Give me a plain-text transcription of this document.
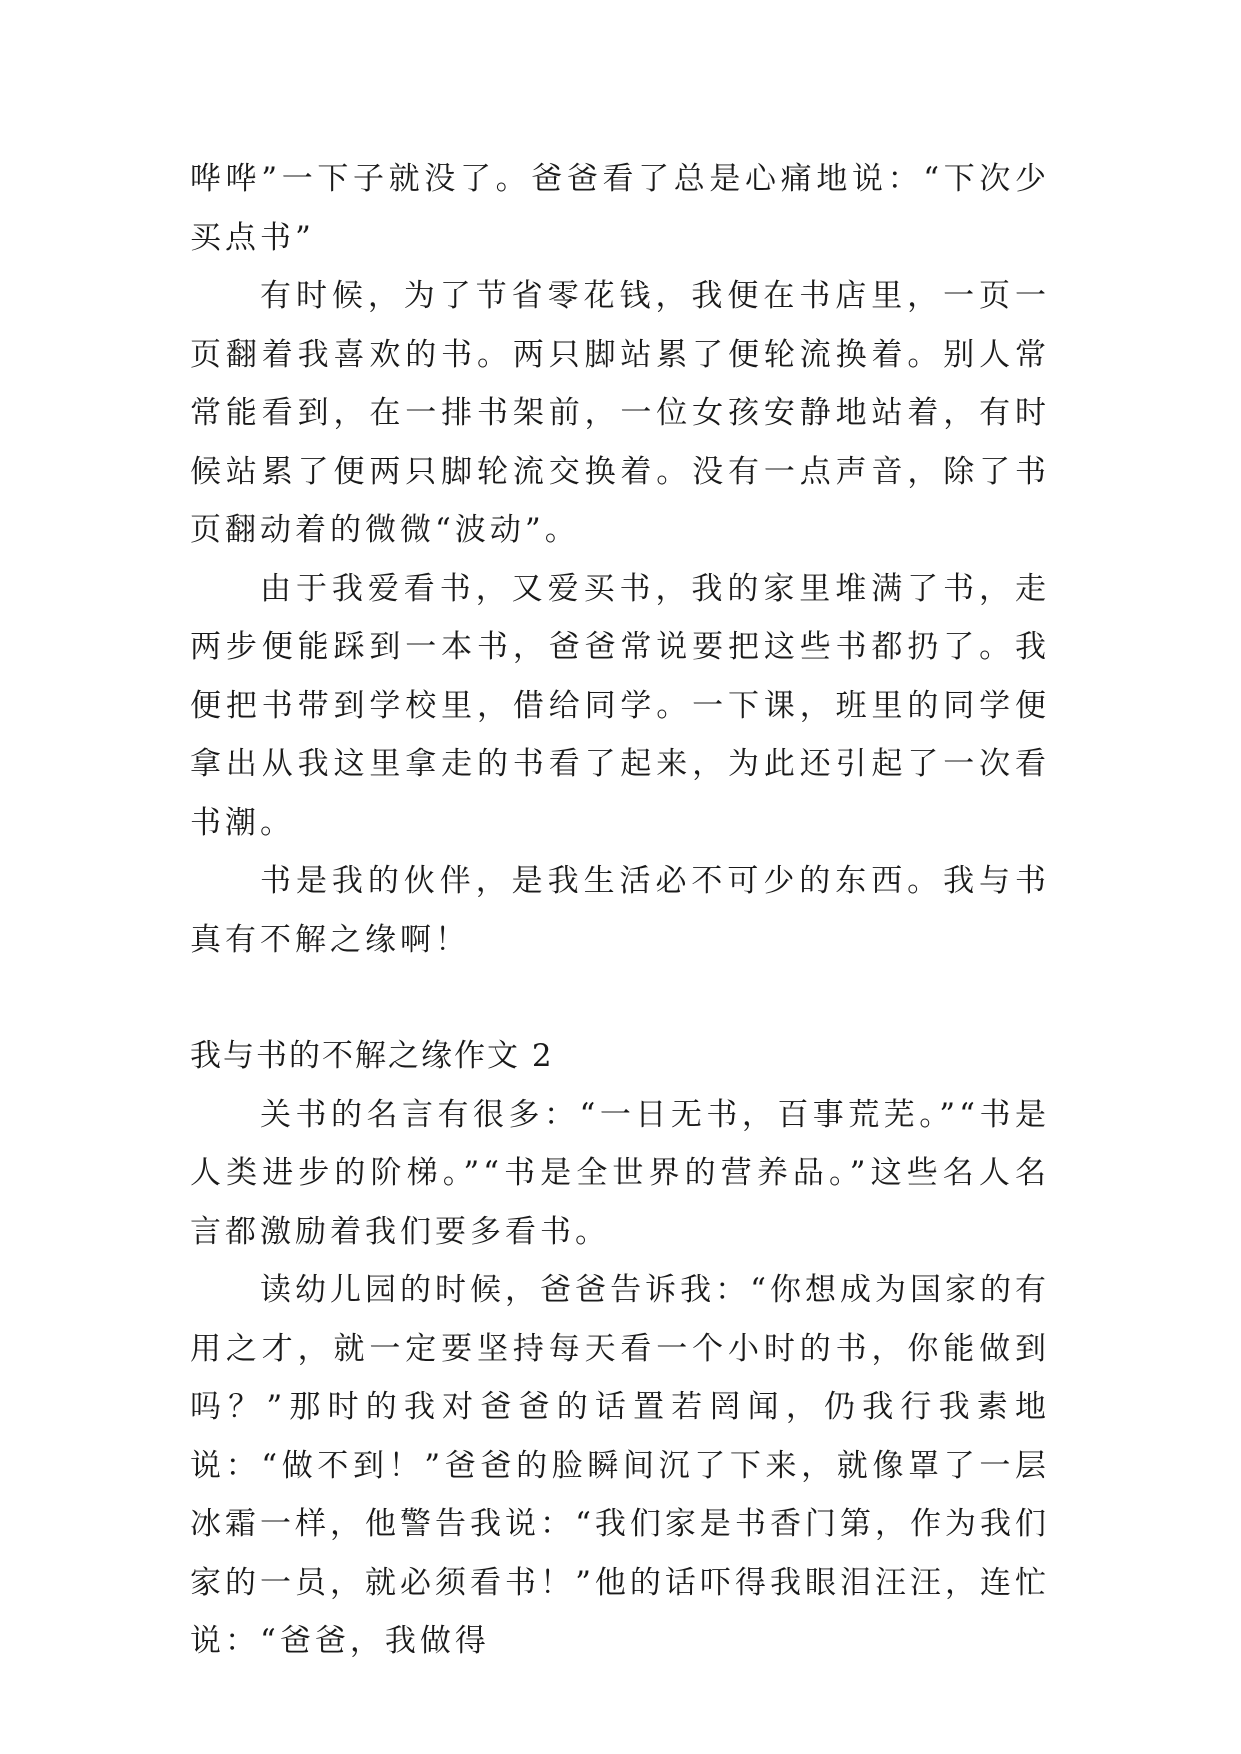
哗哗”一下子就没了。爸爸看了总是心痛地说：“下次少买点书”

有时候，为了节省零花钱，我便在书店里，一页一页翻着我喜欢的书。两只脚站累了便轮流换着。别人常常能看到，在一排书架前，一位女孩安静地站着，有时候站累了便两只脚轮流交换着。没有一点声音，除了书页翻动着的微微“波动”。

由于我爱看书，又爱买书，我的家里堆满了书，走两步便能踩到一本书，爸爸常说要把这些书都扔了。我便把书带到学校里，借给同学。一下课，班里的同学便拿出从我这里拿走的书看了起来，为此还引起了一次看书潮。

书是我的伙伴，是我生活必不可少的东西。我与书真有不解之缘啊！

我与书的不解之缘作文 2

关书的名言有很多：“一日无书，百事荒芜。”“书是人类进步的阶梯。”“书是全世界的营养品。”这些名人名言都激励着我们要多看书。

读幼儿园的时候，爸爸告诉我：“你想成为国家的有用之才，就一定要坚持每天看一个小时的书，你能做到吗？”那时的我对爸爸的话置若罔闻，仍我行我素地说：“做不到！”爸爸的脸瞬间沉了下来，就像罩了一层冰霜一样，他警告我说：“我们家是书香门第，作为我们家的一员，就必须看书！”他的话吓得我眼泪汪汪，连忙说：“爸爸，我做得
